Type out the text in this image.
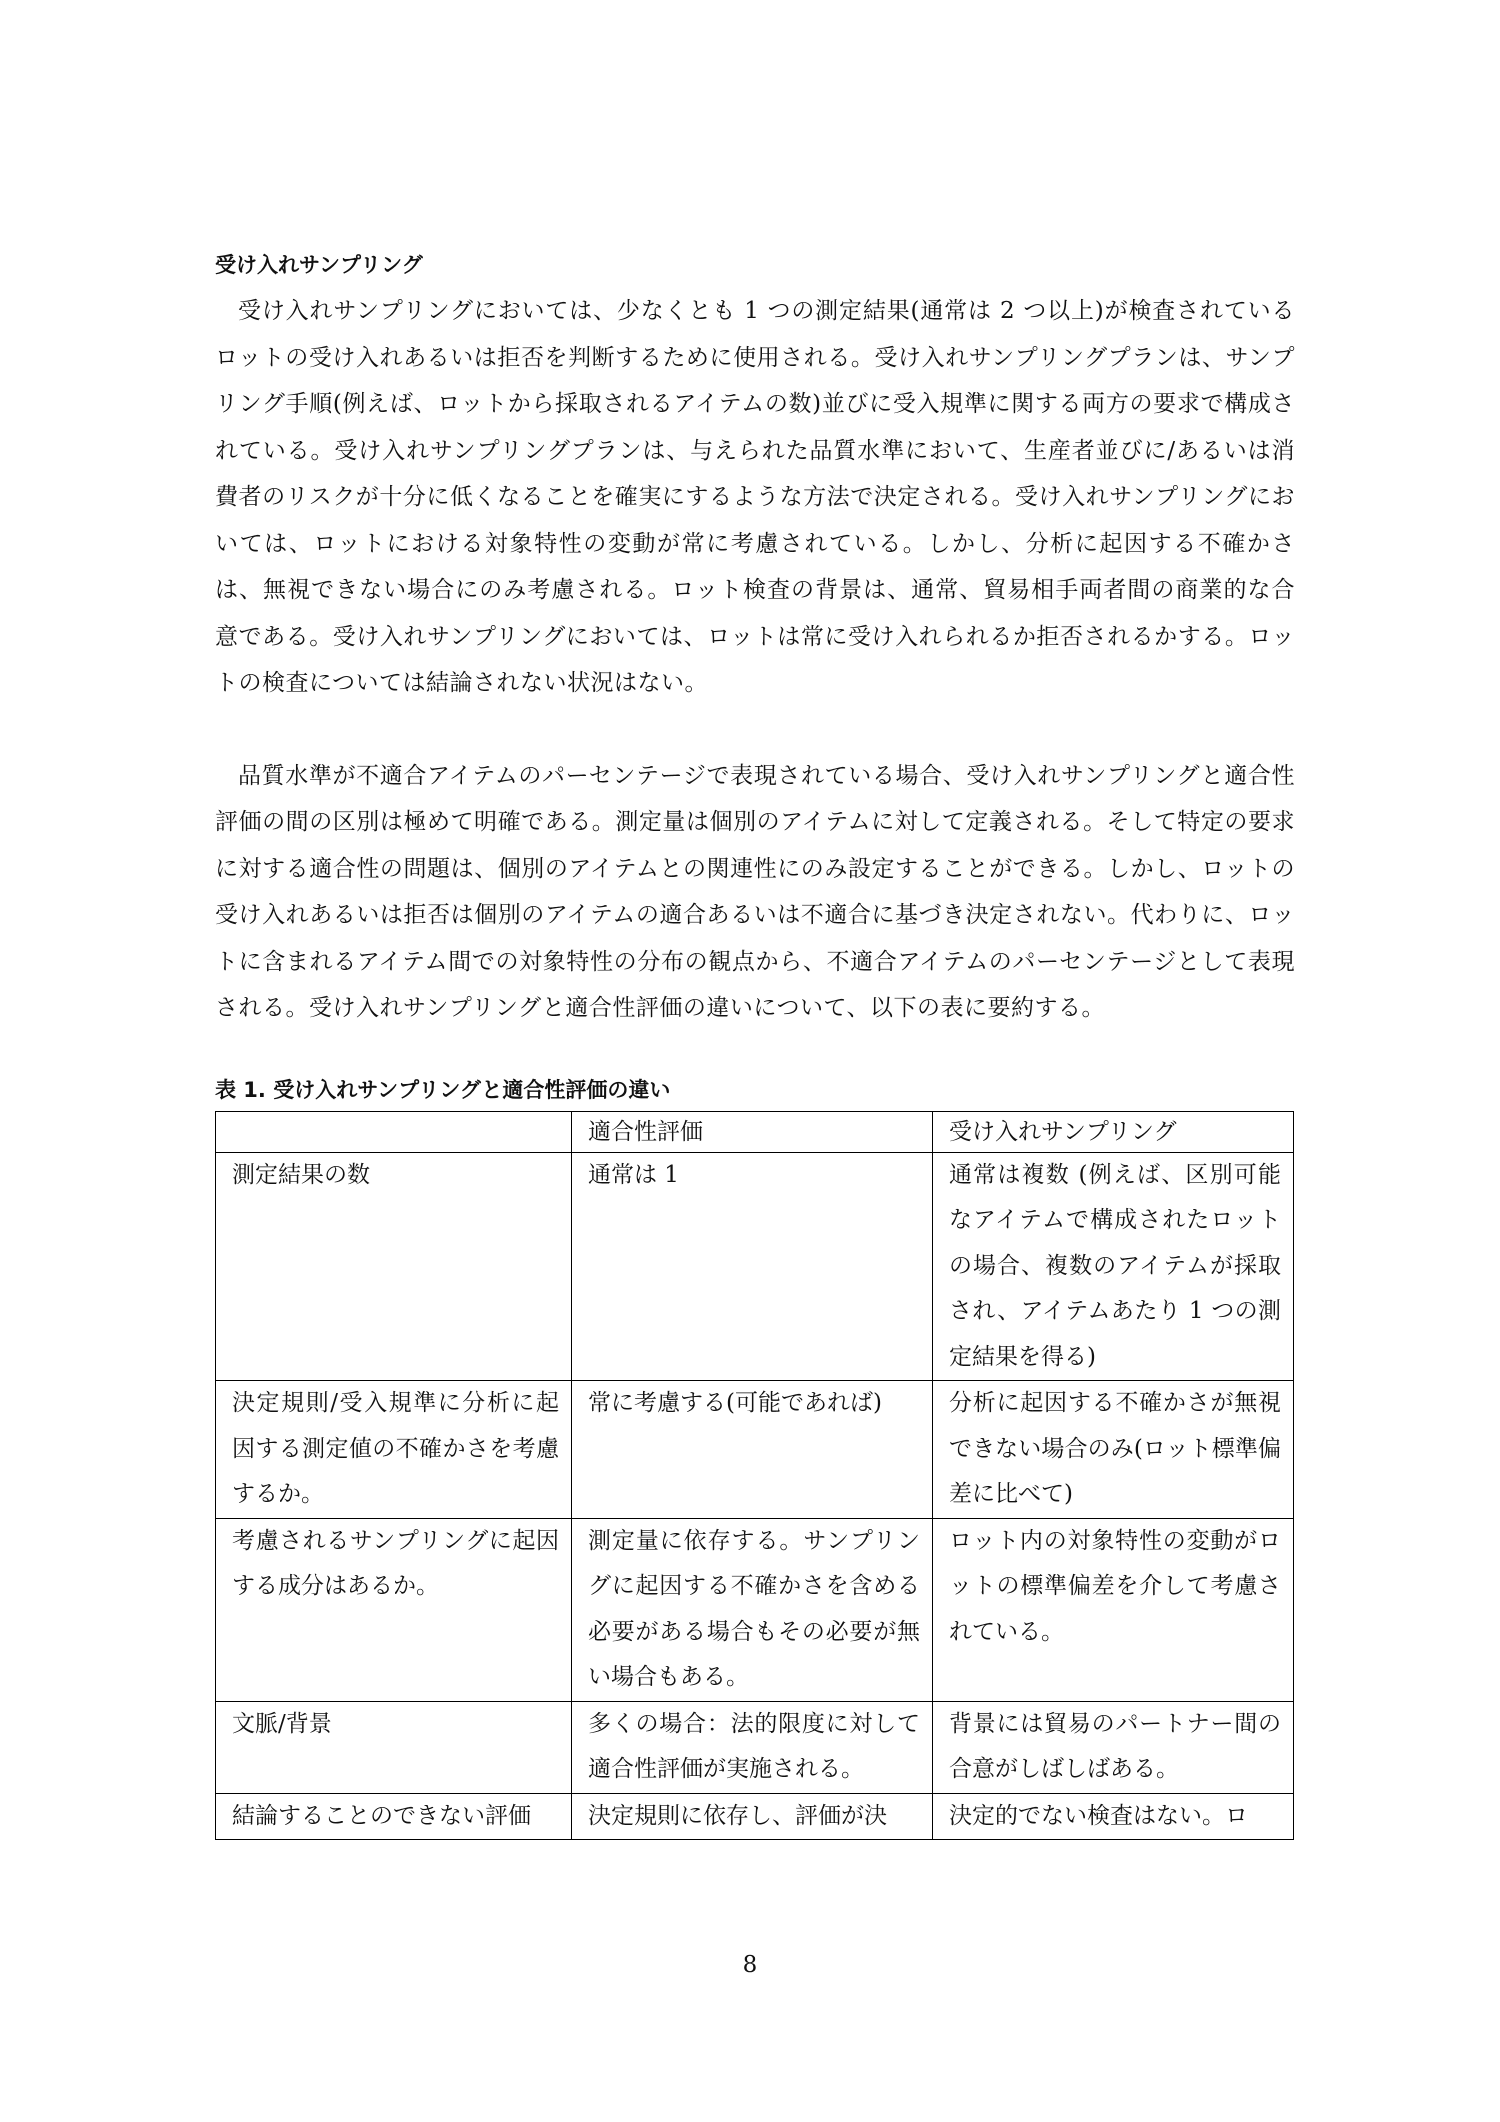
受け入れサンプリング

受け入れサンプリングにおいては、少なくとも 1 つの測定結果(通常は 2 つ以上)が検査されているロットの受け入れあるいは拒否を判断するために使用される。受け入れサンプリングプランは、サンプリング手順(例えば、ロットから採取されるアイテムの数)並びに受入規準に関する両方の要求で構成されている。受け入れサンプリングプランは、与えられた品質水準において、生産者並びに/あるいは消費者のリスクが十分に低くなることを確実にするような方法で決定される。受け入れサンプリングにおいては、ロットにおける対象特性の変動が常に考慮されている。しかし、分析に起因する不確かさは、無視できない場合にのみ考慮される。ロット検査の背景は、通常、貿易相手両者間の商業的な合意である。受け入れサンプリングにおいては、ロットは常に受け入れられるか拒否されるかする。ロットの検査については結論されない状況はない。

品質水準が不適合アイテムのパーセンテージで表現されている場合、受け入れサンプリングと適合性評価の間の区別は極めて明確である。測定量は個別のアイテムに対して定義される。そして特定の要求に対する適合性の問題は、個別のアイテムとの関連性にのみ設定することができる。しかし、ロットの受け入れあるいは拒否は個別のアイテムの適合あるいは不適合に基づき決定されない。代わりに、ロットに含まれるアイテム間での対象特性の分布の観点から、不適合アイテムのパーセンテージとして表現される。受け入れサンプリングと適合性評価の違いについて、以下の表に要約する。

表 1. 受け入れサンプリングと適合性評価の違い
	適合性評価	受け入れサンプリング
測定結果の数	通常は 1	通常は複数 (例えば、区別可能なアイテムで構成されたロットの場合、複数のアイテムが採取され、アイテムあたり 1 つの測定結果を得る)
決定規則/受入規準に分析に起因する測定値の不確かさを考慮するか。	常に考慮する(可能であれば)	分析に起因する不確かさが無視できない場合のみ(ロット標準偏差に比べて)
考慮されるサンプリングに起因する成分はあるか。	測定量に依存する。サンプリングに起因する不確かさを含める必要がある場合もその必要が無い場合もある。	ロット内の対象特性の変動がロットの標準偏差を介して考慮されている。
文脈/背景	多くの場合：法的限度に対して適合性評価が実施される。	背景には貿易のパートナー間の合意がしばしばある。
結論することのできない評価	決定規則に依存し、評価が決	決定的でない検査はない。ロ
8
